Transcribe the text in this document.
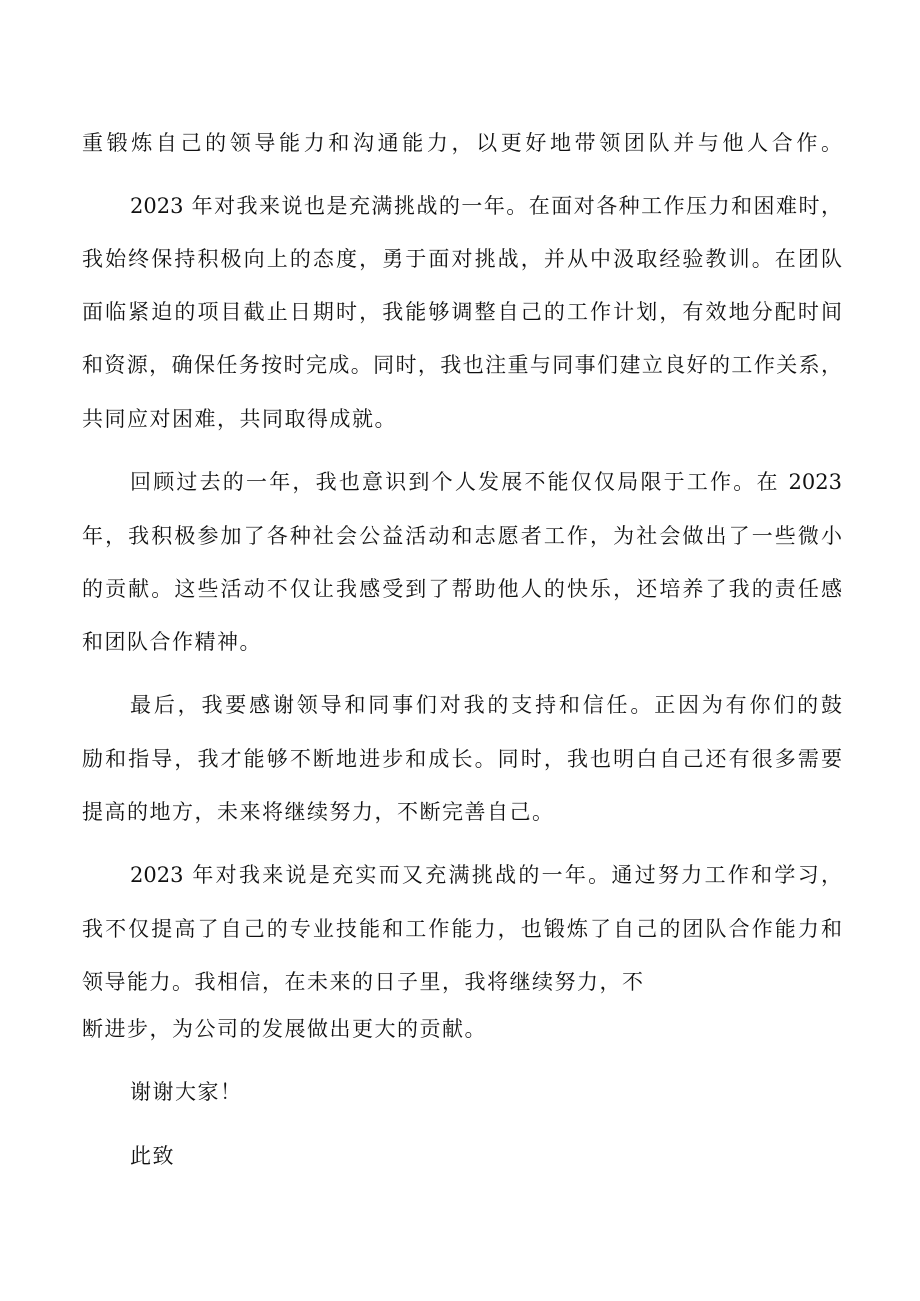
重锻炼自己的领导能力和沟通能力，以更好地带领团队并与他人合作。
2023 年对我来说也是充满挑战的一年。在面对各种工作压力和困难时，
我始终保持积极向上的态度，勇于面对挑战，并从中汲取经验教训。在团队
面临紧迫的项目截止日期时，我能够调整自己的工作计划，有效地分配时间
和资源，确保任务按时完成。同时，我也注重与同事们建立良好的工作关系，
共同应对困难，共同取得成就。
回顾过去的一年，我也意识到个人发展不能仅仅局限于工作。在 2023
年，我积极参加了各种社会公益活动和志愿者工作，为社会做出了一些微小
的贡献。这些活动不仅让我感受到了帮助他人的快乐，还培养了我的责任感
和团队合作精神。
最后，我要感谢领导和同事们对我的支持和信任。正因为有你们的鼓
励和指导，我才能够不断地进步和成长。同时，我也明白自己还有很多需要
提高的地方，未来将继续努力，不断完善自己。
2023 年对我来说是充实而又充满挑战的一年。通过努力工作和学习，
我不仅提高了自己的专业技能和工作能力，也锻炼了自己的团队合作能力和
领导能力。我相信，在未来的日子里，我将继续努力，不
断进步，为公司的发展做出更大的贡献。
谢谢大家！
此致
